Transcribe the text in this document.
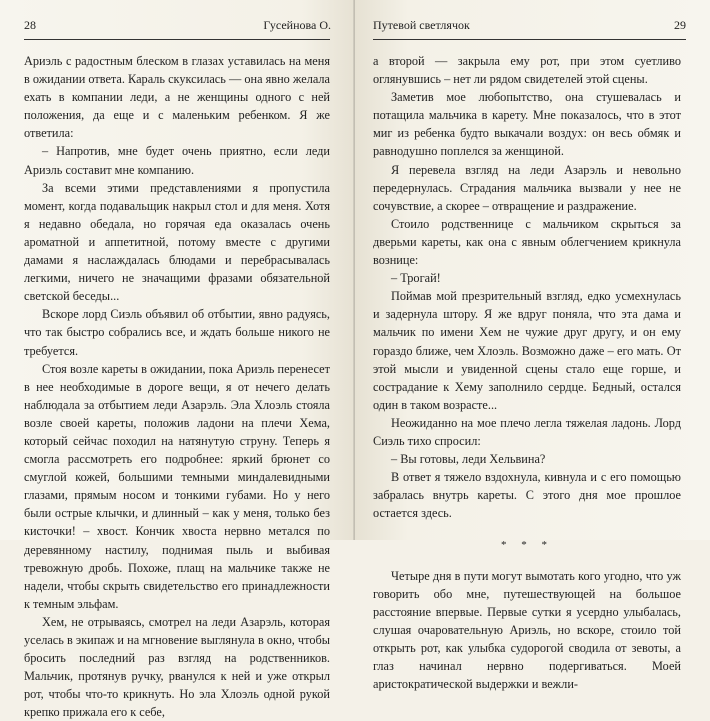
28	Гусейнова О.

Ариэль с радостным блеском в глазах уставилась на меня в ожидании ответа. Караль скуксилась — она явно желала ехать в компании леди, а не женщины одного с ней положения, да еще и с маленьким ребенком. Я же ответила:

– Напротив, мне будет очень приятно, если леди Ариэль составит мне компанию.

За всеми этими представлениями я пропустила момент, когда подавальщик накрыл стол и для меня. Хотя я недавно обедала, но горячая еда оказалась очень ароматной и аппетитной, потому вместе с другими дамами я наслаждалась блюдами и перебрасывалась легкими, ничего не значащими фразами обязательной светской беседы...

Вскоре лорд Сиэль объявил об отбытии, явно радуясь, что так быстро собрались все, и ждать больше никого не требуется.

Стоя возле кареты в ожидании, пока Ариэль перенесет в нее необходимые в дороге вещи, я от нечего делать наблюдала за отбытием леди Азарэль. Эла Хлоэль стояла возле своей кареты, положив ладони на плечи Хема, который сейчас походил на натянутую струну. Теперь я смогла рассмотреть его подробнее: яркий брюнет со смуглой кожей, большими темными миндалевидными глазами, прямым носом и тонкими губами. Но у него были острые клычки, и длинный – как у меня, только без кисточки! – хвост. Кончик хвоста нервно метался по деревянному настилу, поднимая пыль и выбивая тревожную дробь. Похоже, плащ на мальчике также не надели, чтобы скрыть свидетельство его принадлежности к темным эльфам.

Хем, не отрываясь, смотрел на леди Азарэль, которая уселась в экипаж и на мгновение выглянула в окно, чтобы бросить последний раз взгляд на родственников. Мальчик, протянув ручку, рванулся к ней и уже открыл рот, чтобы что-то крикнуть. Но эла Хлоэль одной рукой крепко прижала его к себе,

Путевой светлячок	29

а второй — закрыла ему рот, при этом суетливо оглянувшись – нет ли рядом свидетелей этой сцены.

Заметив мое любопытство, она стушевалась и потащила мальчика в карету. Мне показалось, что в этот миг из ребенка будто выкачали воздух: он весь обмяк и равнодушно поплелся за женщиной.

Я перевела взгляд на леди Азарэль и невольно передернулась. Страдания мальчика вызвали у нее не сочувствие, а скорее – отвращение и раздражение.

Стоило родственнице с мальчиком скрыться за дверьми кареты, как она с явным облегчением крикнула вознице:

– Трогай!

Поймав мой презрительный взгляд, едко усмехнулась и задернула штору. Я же вдруг поняла, что эта дама и мальчик по имени Хем не чужие друг другу, и он ему гораздо ближе, чем Хлоэль. Возможно даже – его мать. От этой мысли и увиденной сцены стало еще горше, и сострадание к Хему заполнило сердце. Бедный, остался один в таком возрасте...

Неожиданно на мое плечо легла тяжелая ладонь. Лорд Сиэль тихо спросил:

– Вы готовы, леди Хельвина?

В ответ я тяжело вздохнула, кивнула и с его помощью забралась внутрь кареты. С этого дня мое прошлое остается здесь.

* * *

Четыре дня в пути могут вымотать кого угодно, что уж говорить обо мне, путешествующей на большое расстояние впервые. Первые сутки я усердно улыбалась, слушая очаровательную Ариэль, но вскоре, стоило той открыть рот, как улыбка судорогой сводила от зевоты, а глаз начинал нервно подергиваться. Моей аристократической выдержки и вежли-
